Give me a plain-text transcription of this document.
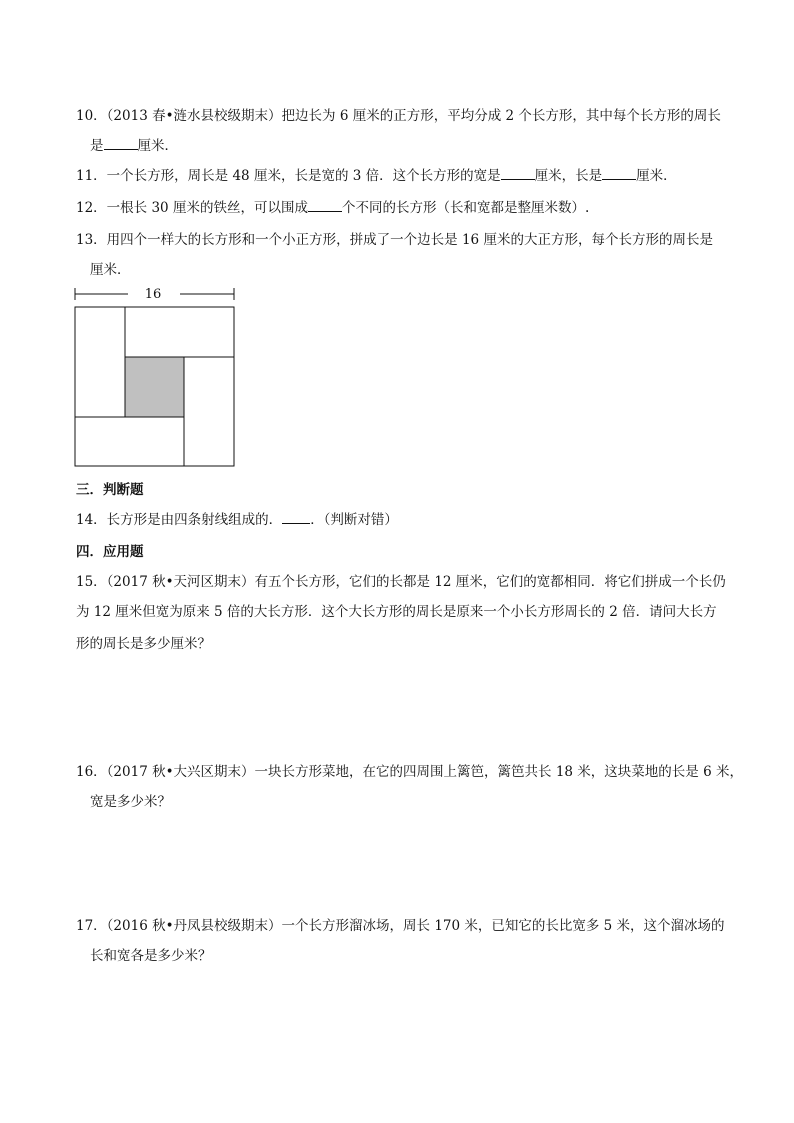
10．（2013 春•涟水县校级期末）把边长为 6 厘米的正方形，平均分成 2 个长方形，其中每个长方形的周长
是	厘米．
11．一个长方形，周长是 48 厘米，长是宽的 3 倍．这个长方形的宽是	厘米，长是	厘米．
12．一根长 30 厘米的铁丝，可以围成	个不同的长方形（长和宽都是整厘米数）.
13．用四个一样大的长方形和一个小正方形，拼成了一个边长是 16 厘米的大正方形，每个长方形的周长是
厘米．
16
三．判断题
14．长方形是由四条射线组成的． ．（判断对错）
四．应用题
15．（2017 秋•天河区期末）有五个长方形，它们的长都是 12 厘米，它们的宽都相同．将它们拼成一个长仍
为 12 厘米但宽为原来 5 倍的大长方形．这个大长方形的周长是原来一个小长方形周长的 2 倍．请问大长方
形的周长是多少厘米？
16．（2017 秋•大兴区期末）一块长方形菜地，在它的四周围上篱笆，篱笆共长 18 米，这块菜地的长是 6 米，
宽是多少米？
17．（2016 秋•丹凤县校级期末）一个长方形溜冰场，周长 170 米，已知它的长比宽多 5 米，这个溜冰场的
长和宽各是多少米？
